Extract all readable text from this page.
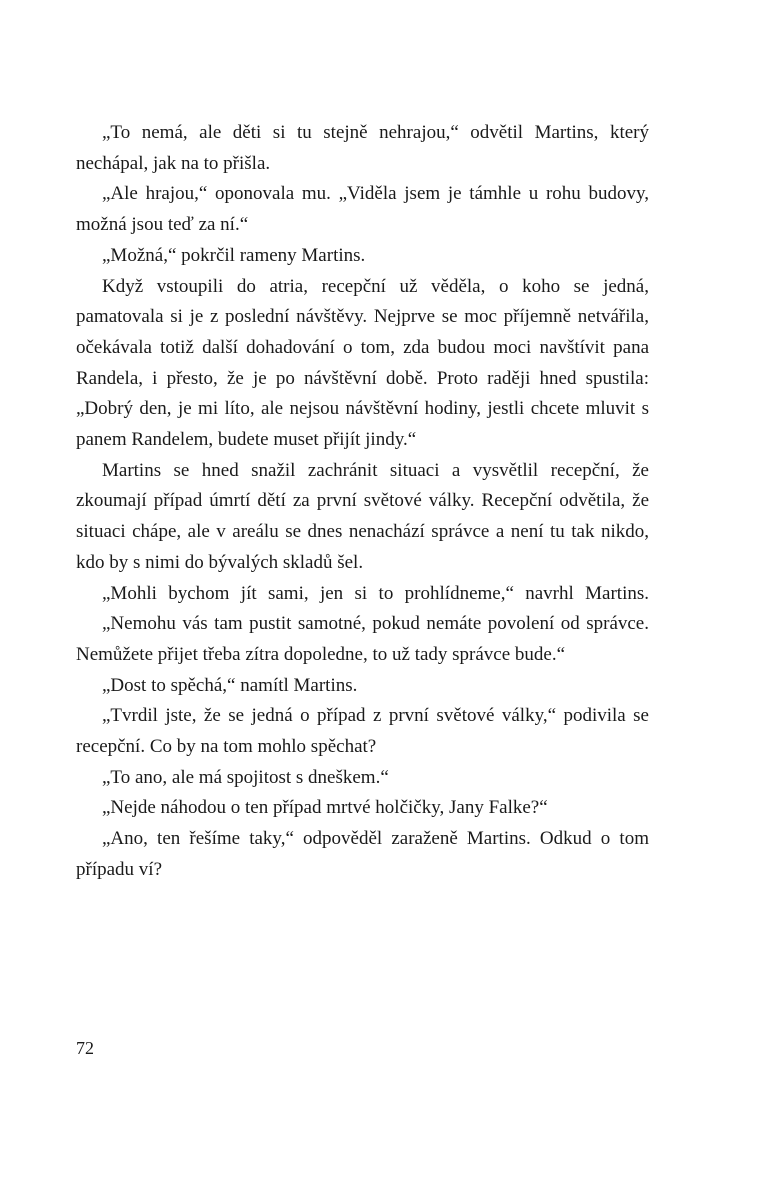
„To nemá, ale děti si tu stejně nehrajou,“ odvětil Martins, který nechápal, jak na to přišla.

„Ale hrajou,“ oponovala mu. „Viděla jsem je támhle u rohu budovy, možná jsou teď za ní.“

„Možná,“ pokrčil rameny Martins.

Když vstoupili do atria, recepční už věděla, o koho se jedná, pamatovala si je z poslední návštěvy. Nejprve se moc příjemně netvářila, očekávala totiž další dohadování o tom, zda budou moci navštívit pana Randela, i přesto, že je po návštěvní době. Proto raději hned spustila: „Dobrý den, je mi líto, ale nejsou návštěvní hodiny, jestli chcete mluvit s panem Randelem, budete muset přijít jindy.“

Martins se hned snažil zachránit situaci a vysvětlil recepční, že zkoumají případ úmrtí dětí za první světové války. Recepční odvětila, že situaci chápe, ale v areálu se dnes nenachází správce a není tu tak nikdo, kdo by s nimi do bývalých skladů šel.

„Mohli bychom jít sami, jen si to prohlídneme,“ navrhl Martins.

„Nemohu vás tam pustit samotné, pokud nemáte povolení od správce. Nemůžete přijet třeba zítra dopoledne, to už tady správce bude.“

„Dost to spěchá,“ namítl Martins.

„Tvrdil jste, že se jedná o případ z první světové války,“ podivila se recepční. Co by na tom mohlo spěchat?

„To ano, ale má spojitost s dneškem.“

„Nejde náhodou o ten případ mrtvé holčičky, Jany Falke?“

„Ano, ten řešíme taky,“ odpověděl zaraženě Martins. Odkud o tom případu ví?

72
